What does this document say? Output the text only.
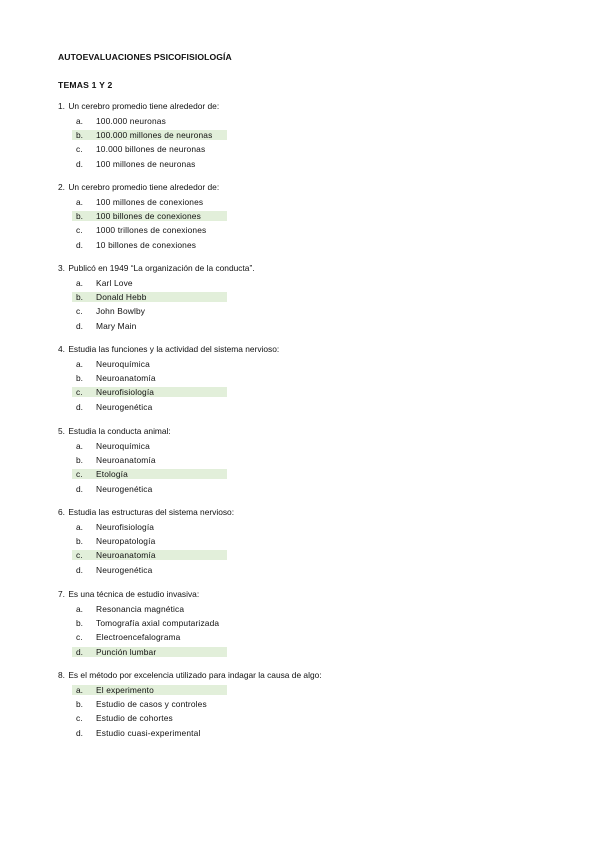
AUTOEVALUACIONES PSICOFISIOLOGÍA
TEMAS 1 Y 2
1. Un cerebro promedio tiene alrededor de:
a.	100.000 neuronas
b.	100.000 millones de neuronas
c.	10.000 billones de neuronas
d.	100 millones de neuronas
2. Un cerebro promedio tiene alrededor de:
a.	100 millones de conexiones
b.	100 billones de conexiones
c.	1000 trillones de conexiones
d.	10 billones de conexiones
3. Publicó en 1949 “La organización de la conducta”.
a.	Karl Love
b.	Donald Hebb
c.	John Bowlby
d.	Mary Main
4. Estudia las funciones y la actividad del sistema nervioso:
a.	Neuroquímica
b.	Neuroanatomía
c.	Neurofisiología
d.	Neurogenética
5. Estudia la conducta animal:
a.	Neuroquímica
b.	Neuroanatomía
c.	Etología
d.	Neurogenética
6. Estudia las estructuras del sistema nervioso:
a.	Neurofisiología
b.	Neuropatología
c.	Neuroanatomía
d.	Neurogenética
7. Es una técnica de estudio invasiva:
a.	Resonancia magnética
b.	Tomografía axial computarizada
c.	Electroencefalograma
d.	Punción lumbar
8. Es el método por excelencia utilizado para indagar la causa de algo:
a.	El experimento
b.	Estudio de casos y controles
c.	Estudio de cohortes
d.	Estudio cuasi-experimental
